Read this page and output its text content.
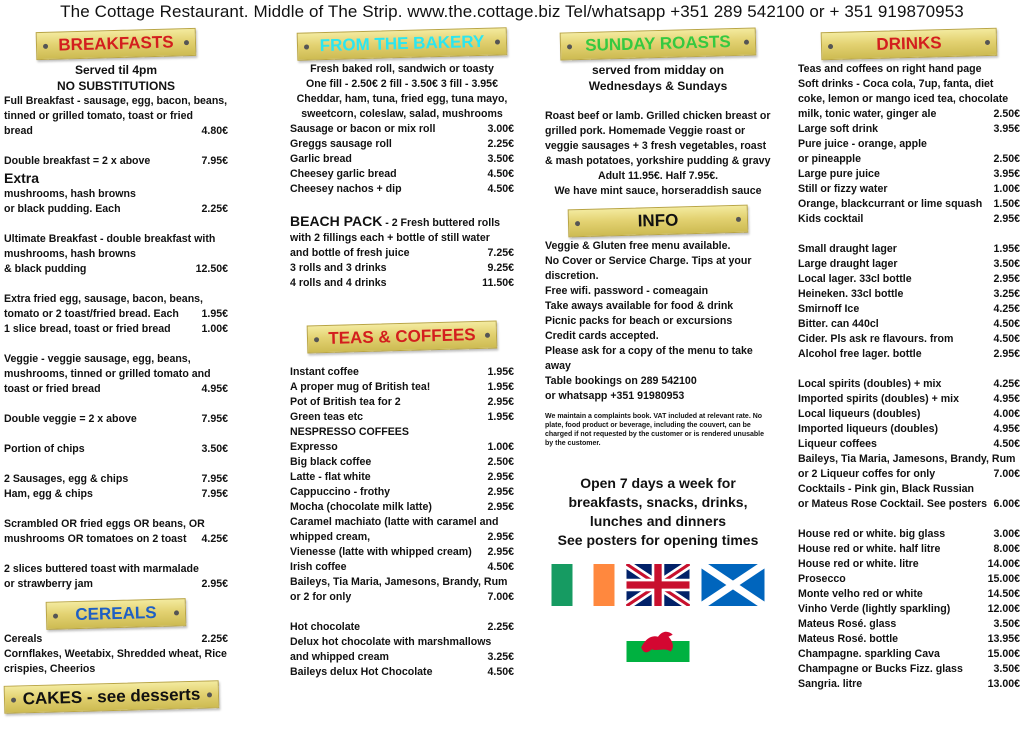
The Cottage Restaurant. Middle of The Strip. www.the.cottage.biz Tel/whatsapp +351 289 542100 or + 351 919870953
BREAKFASTS
Served til 4pm
NO SUBSTITUTIONS
Full Breakfast - sausage, egg, bacon, beans, tinned or grilled tomato, toast or fried
bread	4.80€
Double breakfast = 2 x above	7.95€
Extra
mushrooms, hash browns
or black pudding. Each	2.25€
Ultimate Breakfast - double breakfast with mushrooms, hash browns
& black pudding	12.50€
Extra fried egg, sausage, bacon, beans,
tomato or 2 toast/fried bread. Each	1.95€
1 slice bread, toast or fried bread	1.00€
Veggie - veggie sausage, egg, beans, mushrooms, tinned or grilled tomato and
toast or fried bread	4.95€
Double veggie = 2 x above	7.95€
Portion of chips	3.50€
2 Sausages, egg & chips	7.95€
Ham, egg & chips	7.95€
Scrambled OR fried eggs OR beans, OR
mushrooms OR tomatoes on 2 toast	4.25€
2 slices buttered toast with marmalade
or strawberry jam	2.95€
CEREALS
Cereals	2.25€
Cornflakes, Weetabix, Shredded wheat, Rice crispies, Cheerios
CAKES - see desserts
FROM THE BAKERY
Fresh baked roll, sandwich or toasty
One fill - 2.50€ 2 fill - 3.50€ 3 fill - 3.95€
Cheddar, ham, tuna, fried egg, tuna mayo, sweetcorn, coleslaw, salad, mushrooms
Sausage or bacon or mix roll	3.00€
Greggs sausage roll	2.25€
Garlic bread	3.50€
Cheesey garlic bread	4.50€
Cheesey nachos + dip	4.50€
BEACH PACK - 2 Fresh buttered rolls with 2 fillings each + bottle of still water
and bottle of fresh juice	7.25€
3 rolls and 3 drinks	9.25€
4 rolls and 4 drinks	11.50€
TEAS & COFFEES
Instant coffee	1.95€
A proper mug of British tea!	1.95€
Pot of British tea for 2	2.95€
Green teas etc	1.95€
NESPRESSO COFFEES
Expresso	1.00€
Big black coffee	2.50€
Latte - flat white	2.95€
Cappuccino - frothy	2.95€
Mocha (chocolate milk latte)	2.95€
Caramel machiato (latte with caramel and
whipped cream,	2.95€
Vienesse (latte with whipped cream)	2.95€
Irish coffee	4.50€
Baileys, Tia Maria, Jamesons, Brandy, Rum
or 2 for only	7.00€
Hot chocolate	2.25€
Delux hot chocolate with marshmallows
and whipped cream	3.25€
Baileys delux Hot Chocolate	4.50€
SUNDAY ROASTS
served from midday on
Wednesdays & Sundays
Roast beef or lamb. Grilled chicken breast or grilled pork. Homemade Veggie roast or veggie sausages + 3 fresh vegetables, roast & mash potatoes, yorkshire pudding & gravy
Adult 11.95€. Half 7.95€.
We have mint sauce, horseraddish sauce
INFO
Veggie & Gluten free menu available.
No Cover or Service Charge. Tips at your discretion.
Free wifi. password - comeagain
Take aways available for food & drink
Picnic packs for beach or excursions
Credit cards accepted.
Please ask for a copy of the menu to take away
Table bookings on 289 542100
or whatsapp +351 91980953
We maintain a complaints book. VAT included at relevant rate. No plate, food product or beverage, including the couvert, can be charged if not requested by the customer or is rendered unusable by the customer.
Open 7 days a week for
breakfasts, snacks, drinks,
lunches and dinners
See posters for opening times
DRINKS
Teas and coffees on right hand page
Soft drinks - Coca cola, 7up, fanta, diet coke, lemon or mango iced tea, chocolate
milk, tonic water, ginger ale	2.50€
Large soft drink	3.95€
Pure juice - orange, apple
or pineapple	2.50€
Large pure juice	3.95€
Still or fizzy water	1.00€
Orange, blackcurrant or lime squash	1.50€
Kids cocktail	2.95€
Small draught lager	1.95€
Large draught lager	3.50€
Local lager. 33cl bottle	2.95€
Heineken. 33cl bottle	3.25€
Smirnoff Ice	4.25€
Bitter. can 440cl	4.50€
Cider. Pls ask re flavours. from	4.50€
Alcohol free lager. bottle	2.95€
Local spirits (doubles) + mix	4.25€
Imported spirits (doubles) + mix	4.95€
Local liqueurs (doubles)	4.00€
Imported liqueurs (doubles)	4.95€
Liqueur coffees	4.50€
Baileys, Tia Maria, Jamesons, Brandy, Rum
or 2 Liqueur coffes for only	7.00€
Cocktails - Pink gin, Black Russian
or Mateus Rose Cocktail. See posters 6.00€
House red or white. big glass	3.00€
House red or white. half litre	8.00€
House red or white. litre	14.00€
Prosecco	15.00€
Monte velho red or white	14.50€
Vinho Verde (lightly sparkling)	12.00€
Mateus Rosé. glass	3.50€
Mateus Rosé. bottle	13.95€
Champagne. sparkling Cava	15.00€
Champagne or Bucks Fizz. glass	3.50€
Sangria. litre	13.00€
